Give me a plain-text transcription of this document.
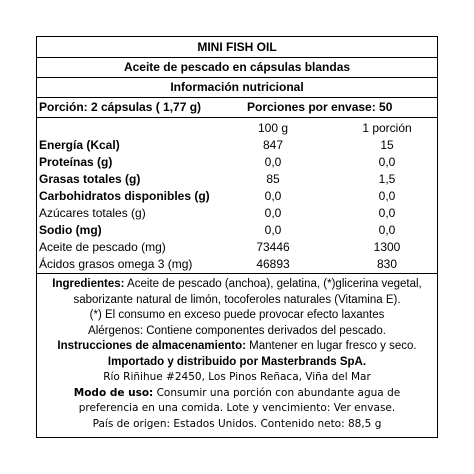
MINI FISH OIL
Aceite de pescado en cápsulas blandas
Información nutricional
Porción: 2 cápsulas ( 1,77 g)	Porciones por envase: 50
100 g	1 porción
Energía (Kcal)	847	15
Proteínas (g)	0,0	0,0
Grasas totales (g)	85	1,5
Carbohidratos disponibles (g)	0,0	0,0
Azúcares totales (g)	0,0	0,0
Sodio (mg)	0,0	0,0
Aceite de pescado (mg)	73446	1300
Ácidos grasos omega 3 (mg)	46893	830

Ingredientes: Aceite de pescado (anchoa), gelatina, (*)glicerina vegetal,

saborizante natural de limón, tocoferoles naturales (Vitamina E).

(*) El consumo en exceso puede provocar efecto laxantes

Alérgenos: Contiene componentes derivados del pescado.

Instrucciones de almacenamiento: Mantener en lugar fresco y seco.

Importado y distribuido por Masterbrands SpA.

Río Riñihue #2450, Los Pinos Reñaca, Viña del Mar

Modo de uso: Consumir una porción con abundante agua de

preferencia en una comida. Lote y vencimiento: Ver envase.

País de origen: Estados Unidos. Contenido neto: 88,5 g
